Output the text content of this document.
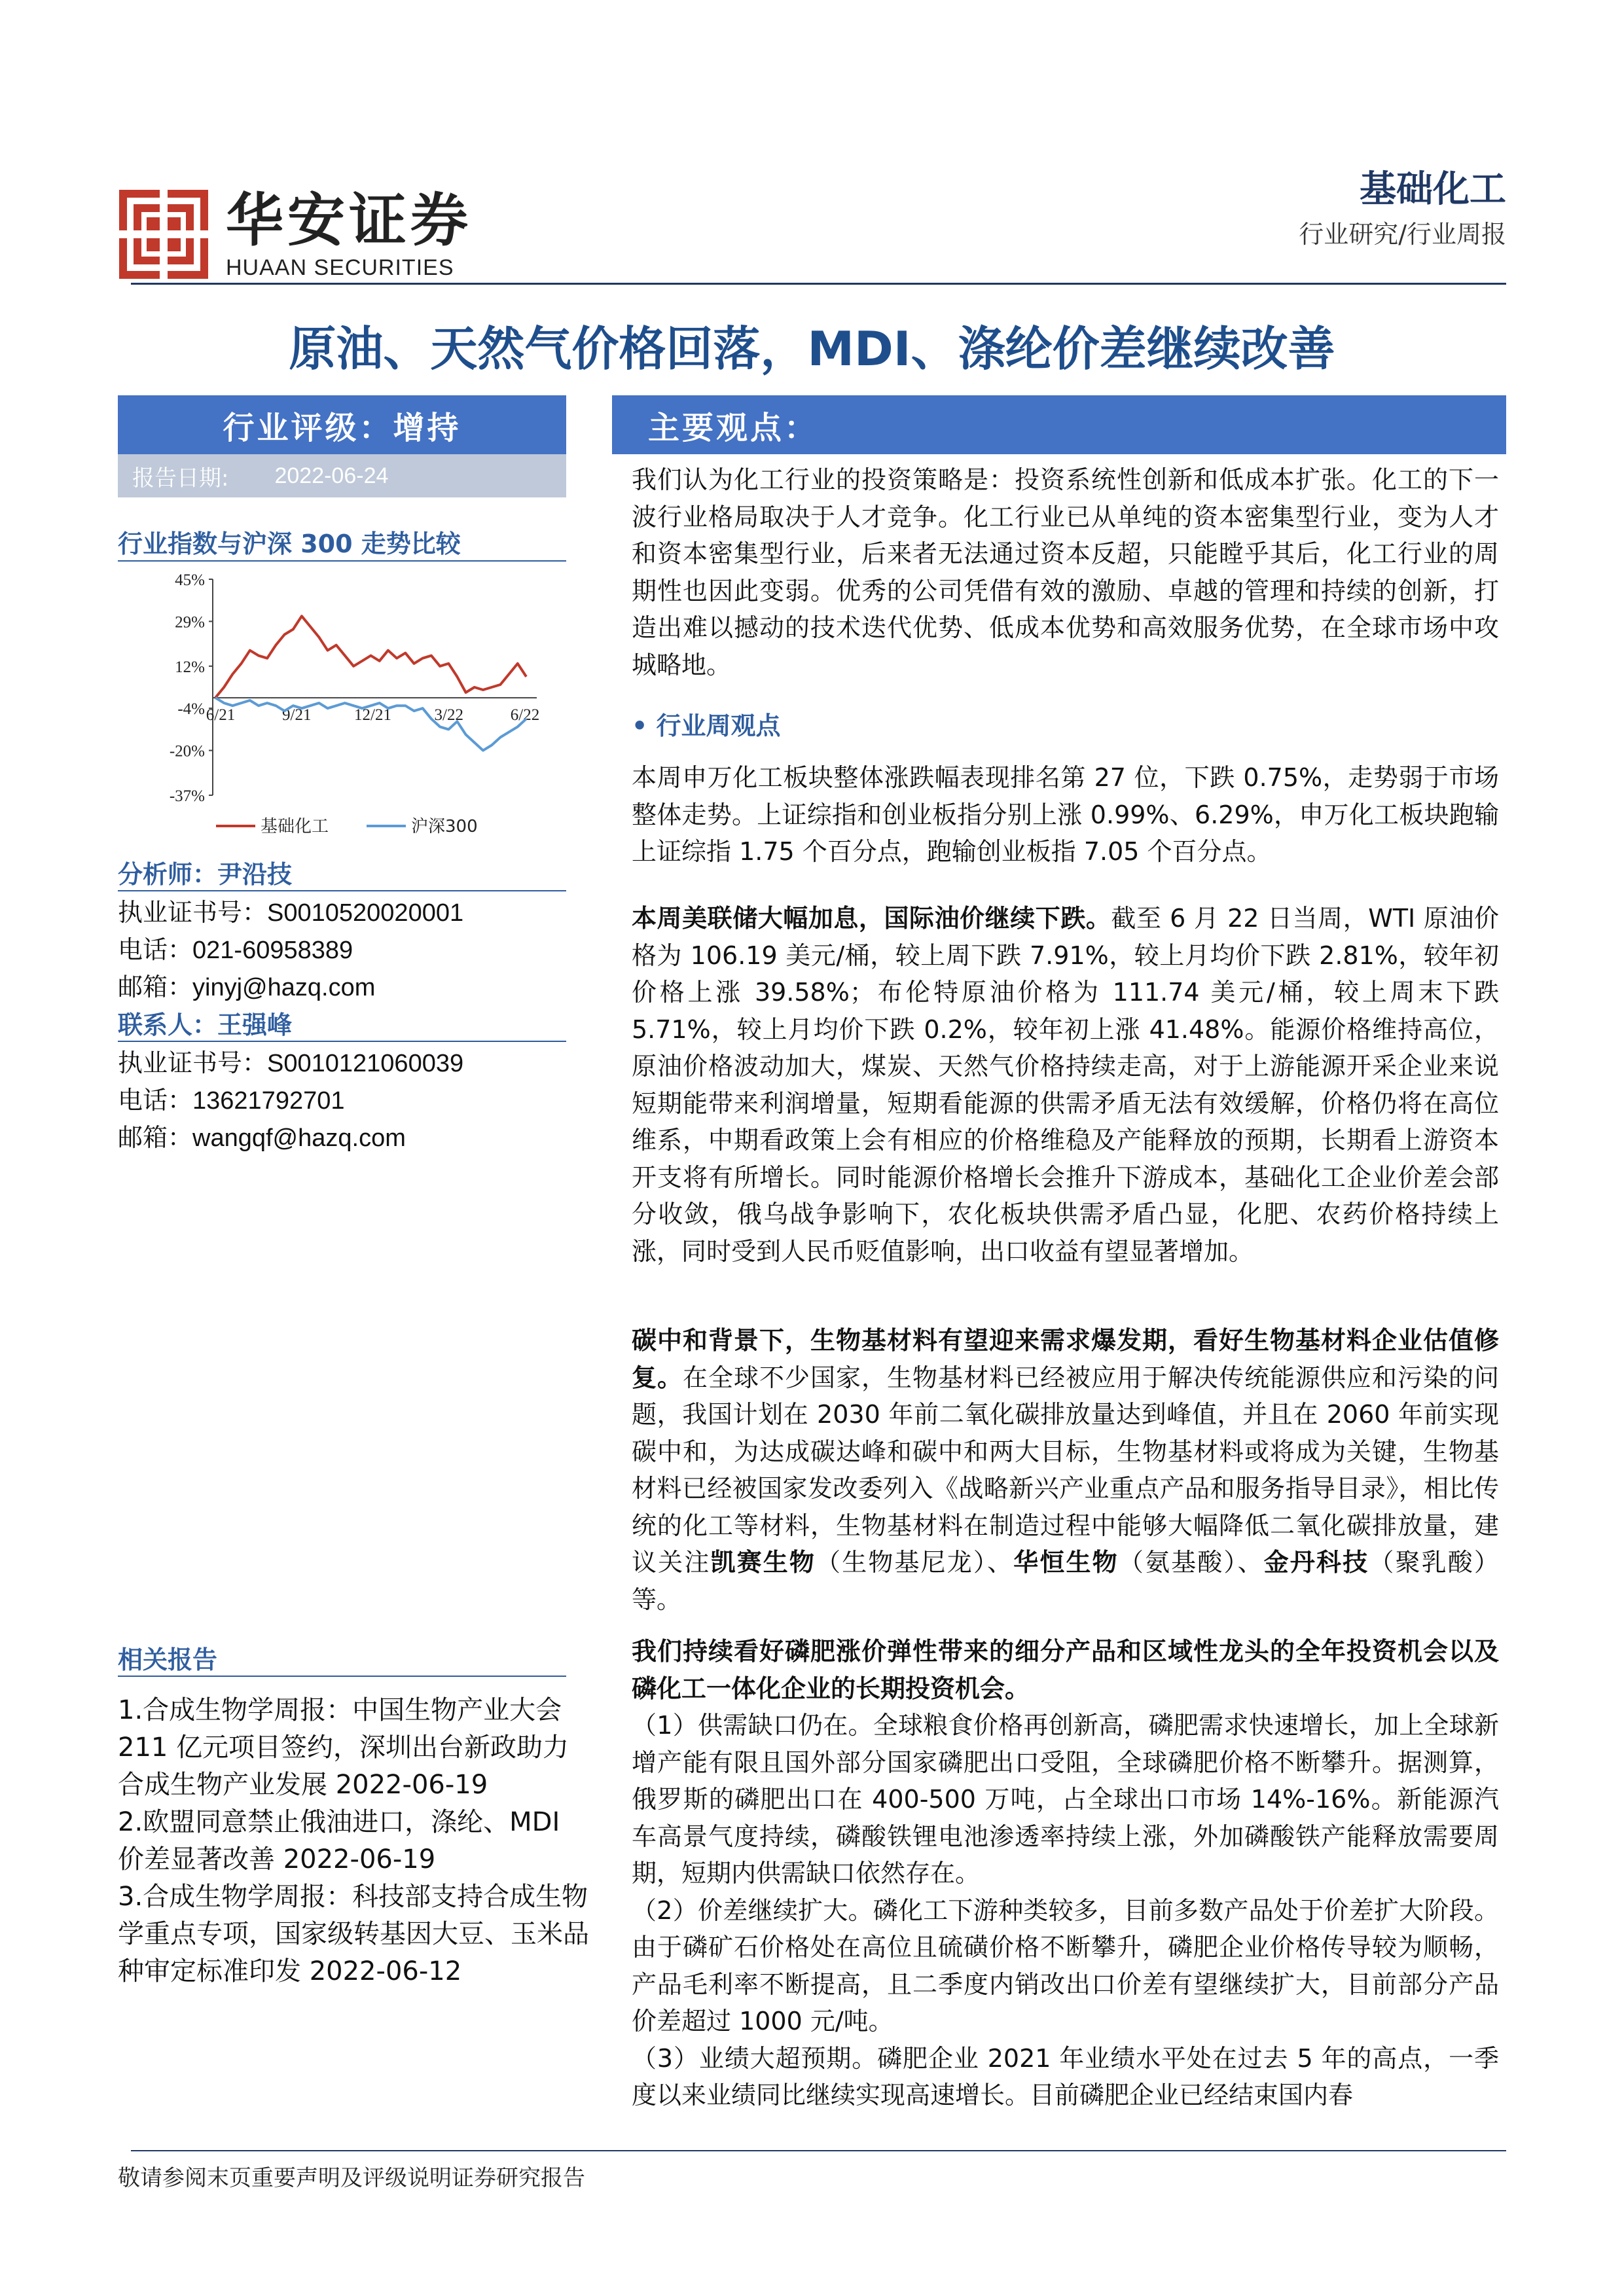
华安证券
HUAAN SECURITIES
基础化工
行业研究/行业周报
原油、天然气价格回落，MDI、涤纶价差继续改善
行业评级：增持
报告日期: 2022-06-24
行业指数与沪深 300 走势比较
45%
29%
12%
-4%
-20%
-37%
6/21	9/21	12/21	3/22	6/22
基础化工	沪深300
分析师：尹沿技
执业证书号：S0010520020001
电话：021-60958389
邮箱：yinyj@hazq.com
联系人：王强峰
执业证书号：S0010121060039
电话：13621792701
邮箱：wangqf@hazq.com
相关报告

1.合成生物学周报：中国生物产业大会 211 亿元项目签约，深圳出台新政助力合成生物产业发展 2022-06-19

2.欧盟同意禁止俄油进口，涤纶、MDI 价差显著改善 2022-06-19

3.合成生物学周报：科技部支持合成生物学重点专项，国家级转基因大豆、玉米品种审定标准印发 2022-06-12

主要观点：

我们认为化工行业的投资策略是：投资系统性创新和低成本扩张。化工的下一波行业格局取决于人才竞争。化工行业已从单纯的资本密集型行业，变为人才和资本密集型行业，后来者无法通过资本反超，只能瞠乎其后，化工行业的周期性也因此变弱。优秀的公司凭借有效的激励、卓越的管理和持续的创新，打造出难以撼动的技术迭代优势、低成本优势和高效服务优势，在全球市场中攻城略地。

• 行业周观点

本周申万化工板块整体涨跌幅表现排名第 27 位，下跌 0.75%，走势弱于市场整体走势。上证综指和创业板指分别上涨 0.99%、6.29%，申万化工板块跑输上证综指 1.75 个百分点，跑输创业板指 7.05 个百分点。

本周美联储大幅加息，国际油价继续下跌。截至 6 月 22 日当周，WTI 原油价格为 106.19 美元/桶，较上周下跌 7.91%，较上月均价下跌 2.81%，较年初价格上涨 39.58%；布伦特原油价格为 111.74 美元/桶，较上周末下跌 5.71%，较上月均价下跌 0.2%，较年初上涨 41.48%。能源价格维持高位，原油价格波动加大，煤炭、天然气价格持续走高，对于上游能源开采企业来说短期能带来利润增量，短期看能源的供需矛盾无法有效缓解，价格仍将在高位维系，中期看政策上会有相应的价格维稳及产能释放的预期，长期看上游资本开支将有所增长。同时能源价格增长会推升下游成本，基础化工企业价差会部分收敛，俄乌战争影响下，农化板块供需矛盾凸显，化肥、农药价格持续上涨，同时受到人民币贬值影响，出口收益有望显著增加。

碳中和背景下，生物基材料有望迎来需求爆发期，看好生物基材料企业估值修复。在全球不少国家，生物基材料已经被应用于解决传统能源供应和污染的问题，我国计划在 2030 年前二氧化碳排放量达到峰值，并且在 2060 年前实现碳中和，为达成碳达峰和碳中和两大目标，生物基材料或将成为关键，生物基材料已经被国家发改委列入《战略新兴产业重点产品和服务指导目录》，相比传统的化工等材料，生物基材料在制造过程中能够大幅降低二氧化碳排放量，建议关注凯赛生物（生物基尼龙）、华恒生物（氨基酸）、金丹科技（聚乳酸）等。

我们持续看好磷肥涨价弹性带来的细分产品和区域性龙头的全年投资机会以及磷化工一体化企业的长期投资机会。

（1）供需缺口仍在。全球粮食价格再创新高，磷肥需求快速增长，加上全球新增产能有限且国外部分国家磷肥出口受阻，全球磷肥价格不断攀升。据测算，俄罗斯的磷肥出口在 400-500 万吨，占全球出口市场 14%-16%。新能源汽车高景气度持续，磷酸铁锂电池渗透率持续上涨，外加磷酸铁产能释放需要周期，短期内供需缺口依然存在。

（2）价差继续扩大。磷化工下游种类较多，目前多数产品处于价差扩大阶段。由于磷矿石价格处在高位且硫磺价格不断攀升，磷肥企业价格传导较为顺畅，产品毛利率不断提高，且二季度内销改出口价差有望继续扩大，目前部分产品价差超过 1000 元/吨。

（3）业绩大超预期。磷肥企业 2021 年业绩水平处在过去 5 年的高点，一季度以来业绩同比继续实现高速增长。目前磷肥企业已经结束国内春

敬请参阅末页重要声明及评级说明证券研究报告
